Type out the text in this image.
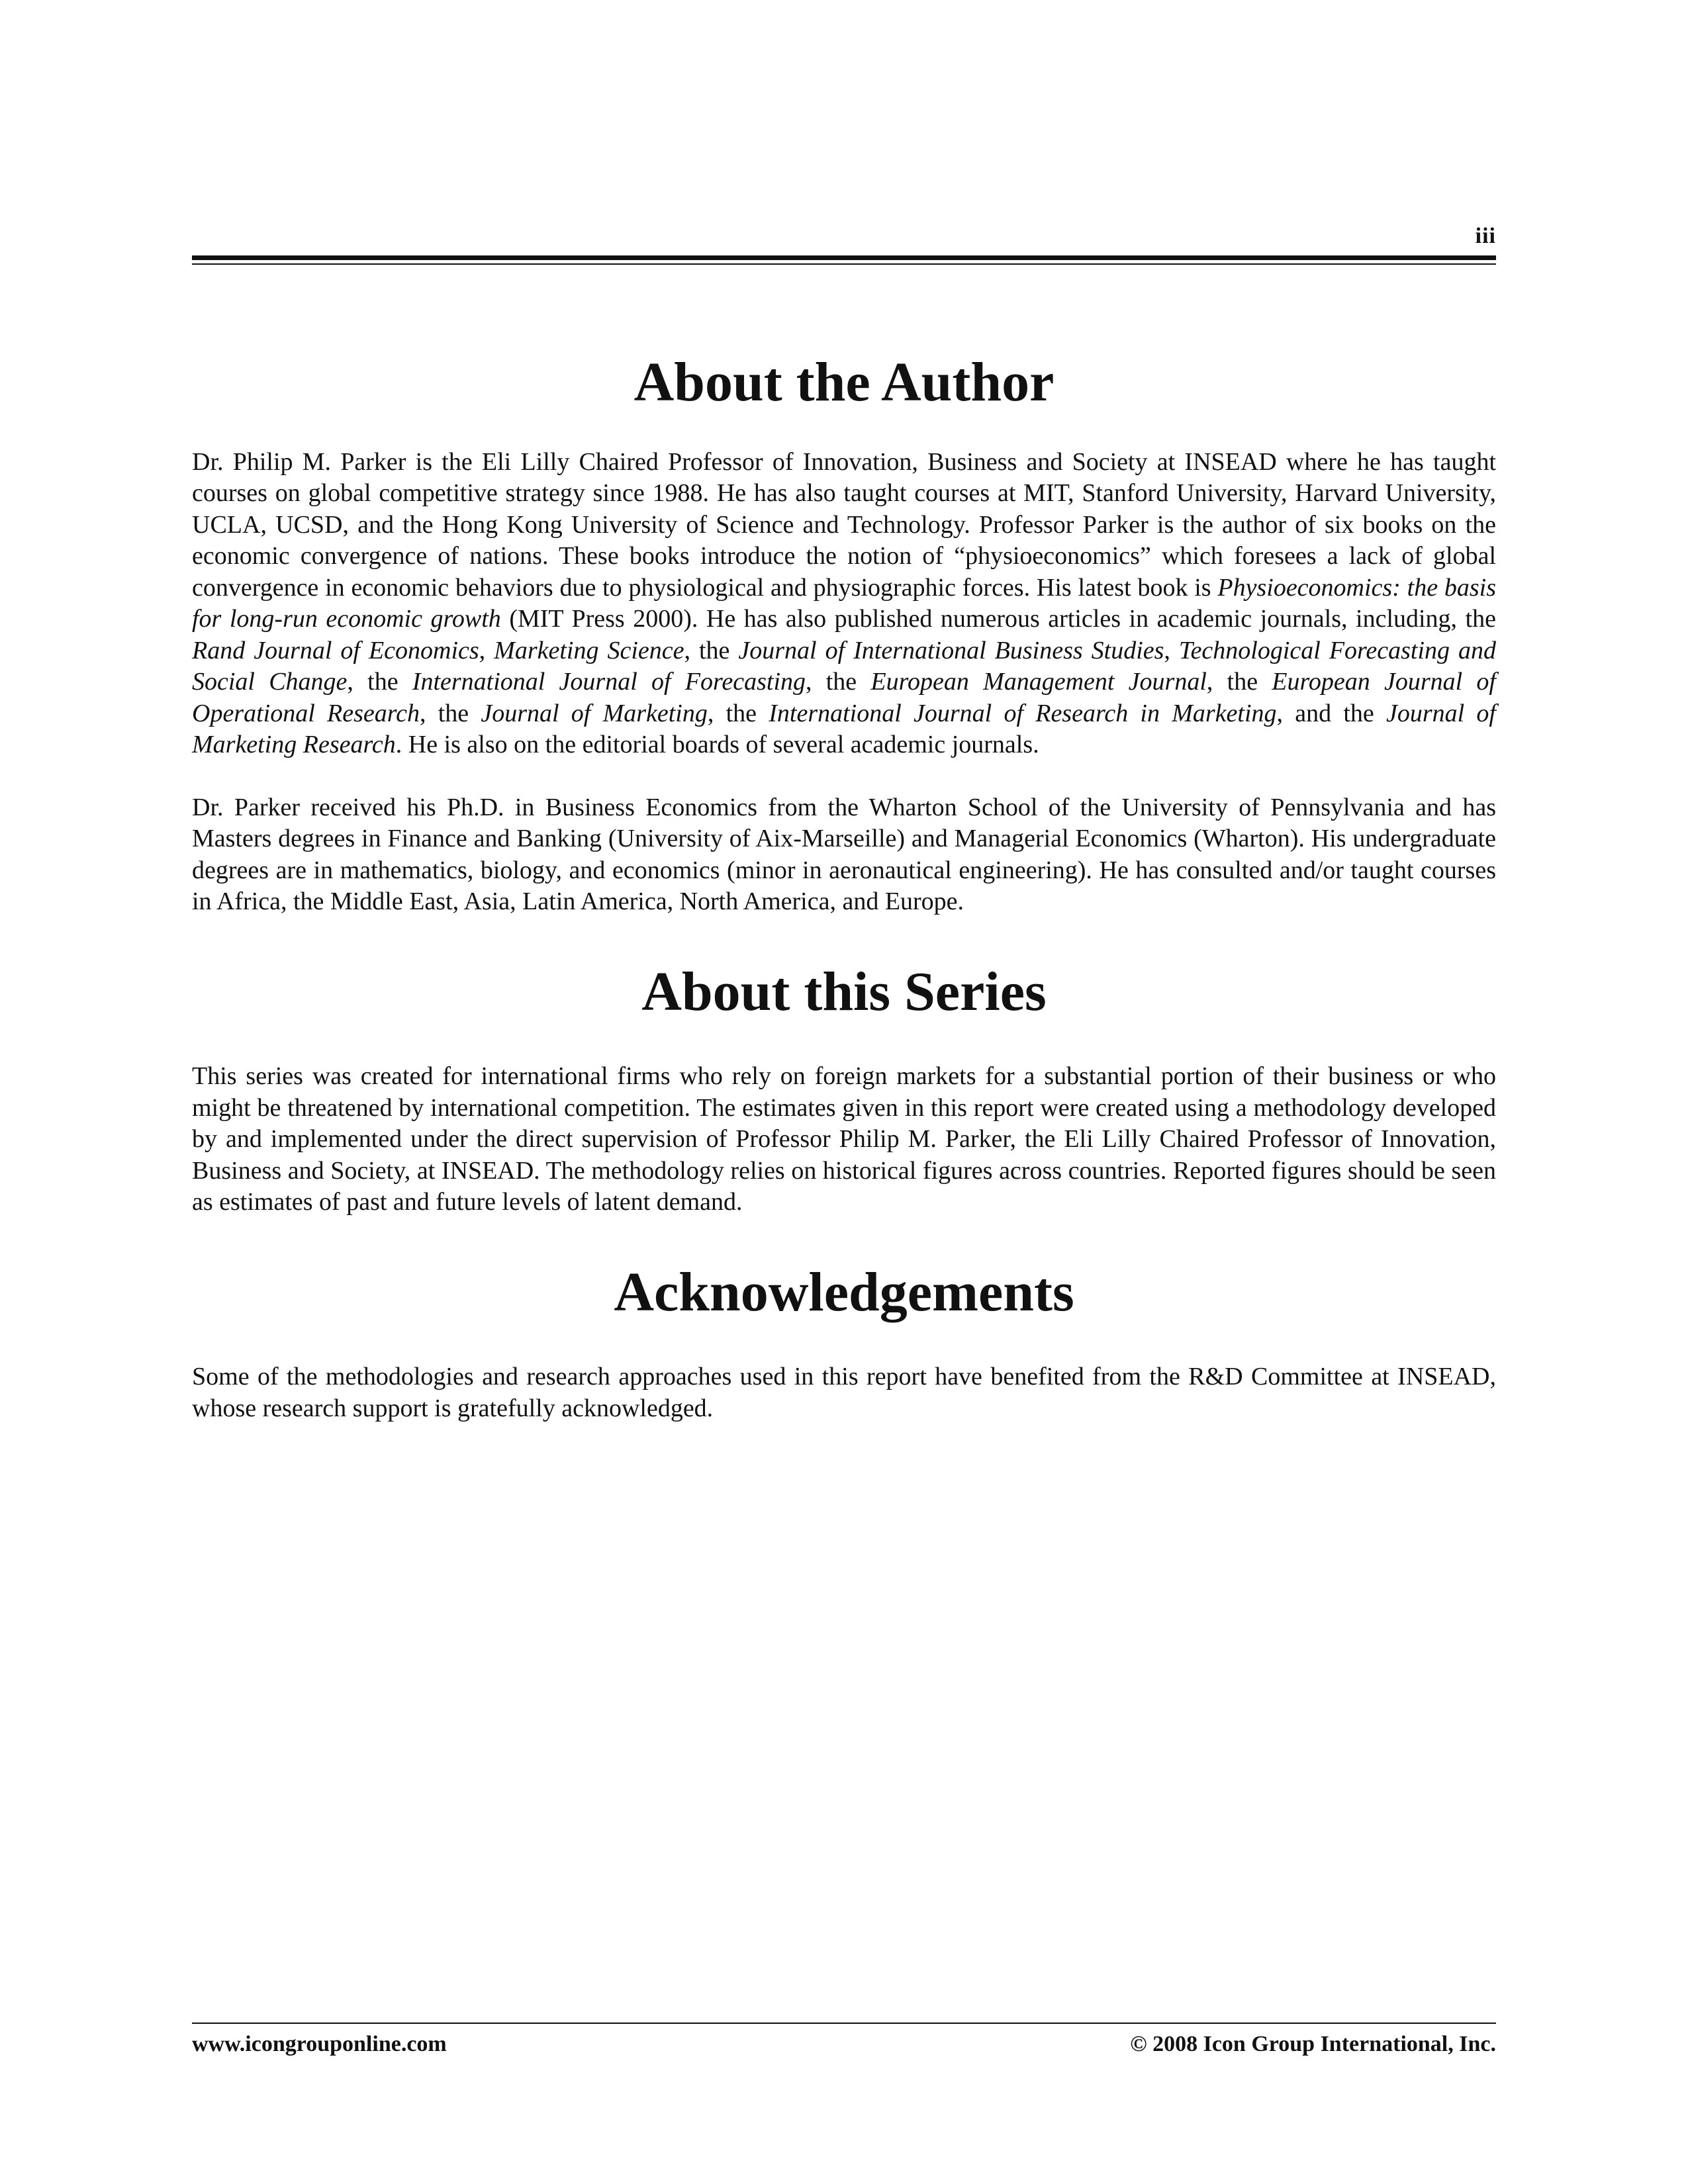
iii
About the Author

Dr. Philip M. Parker is the Eli Lilly Chaired Professor of Innovation, Business and Society at INSEAD where he has taught courses on global competitive strategy since 1988. He has also taught courses at MIT, Stanford University, Harvard University, UCLA, UCSD, and the Hong Kong University of Science and Technology. Professor Parker is the author of six books on the economic convergence of nations. These books introduce the notion of “physioeconomics” which foresees a lack of global convergence in economic behaviors due to physiological and physiographic forces. His latest book is Physioeconomics: the basis for long-run economic growth (MIT Press 2000). He has also published numerous articles in academic journals, including, the Rand Journal of Economics, Marketing Science, the Journal of International Business Studies, Technological Forecasting and Social Change, the International Journal of Forecasting, the European Management Journal, the European Journal of Operational Research, the Journal of Marketing, the International Journal of Research in Marketing, and the Journal of Marketing Research. He is also on the editorial boards of several academic journals.

Dr. Parker received his Ph.D. in Business Economics from the Wharton School of the University of Pennsylvania and has Masters degrees in Finance and Banking (University of Aix-Marseille) and Managerial Economics (Wharton). His undergraduate degrees are in mathematics, biology, and economics (minor in aeronautical engineering). He has consulted and/or taught courses in Africa, the Middle East, Asia, Latin America, North America, and Europe.

About this Series

This series was created for international firms who rely on foreign markets for a substantial portion of their business or who might be threatened by international competition. The estimates given in this report were created using a methodology developed by and implemented under the direct supervision of Professor Philip M. Parker, the Eli Lilly Chaired Professor of Innovation, Business and Society, at INSEAD. The methodology relies on historical figures across countries. Reported figures should be seen as estimates of past and future levels of latent demand.

Acknowledgements

Some of the methodologies and research approaches used in this report have benefited from the R&D Committee at INSEAD, whose research support is gratefully acknowledged.

www.icongrouponline.com	© 2008 Icon Group International, Inc.
